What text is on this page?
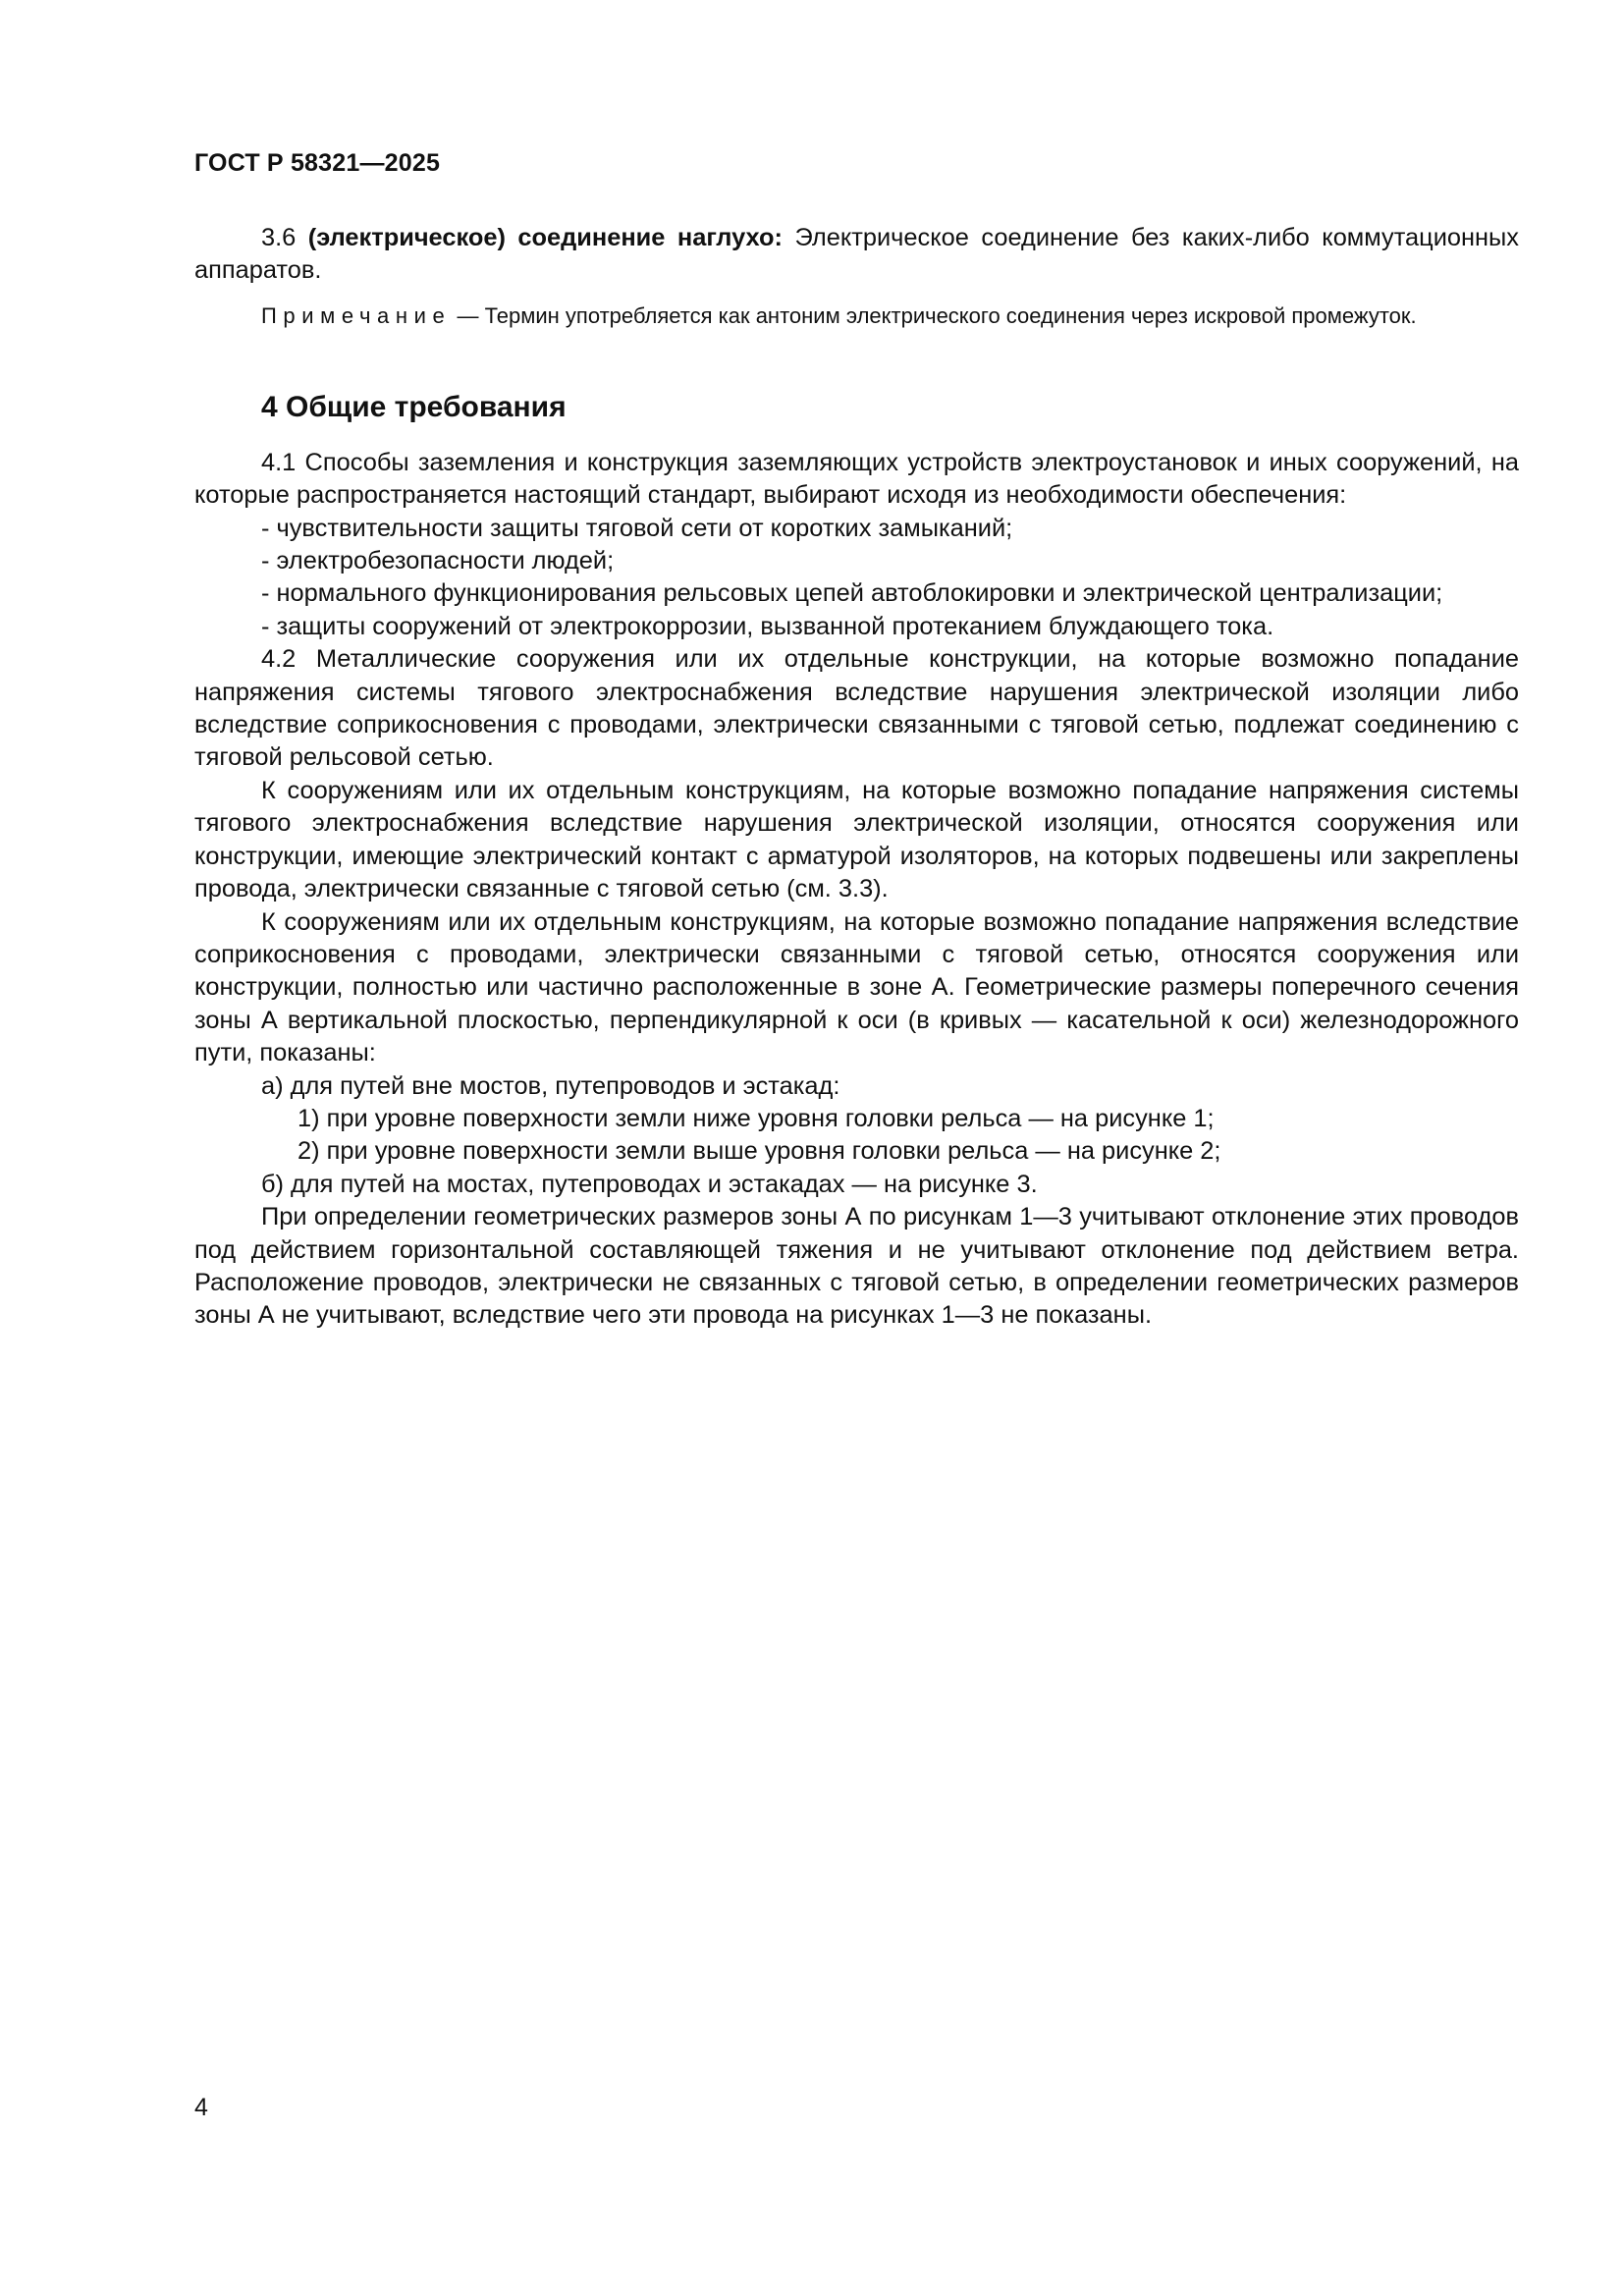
ГОСТ Р 58321—2025

3.6 (электрическое) соединение наглухо: Электрическое соединение без каких-либо коммутационных аппаратов.

Примечание — Термин употребляется как антоним электрического соединения через искровой промежуток.

4 Общие требования

4.1 Способы заземления и конструкция заземляющих устройств электроустановок и иных сооружений, на которые распространяется настоящий стандарт, выбирают исходя из необходимости обеспечения:

- чувствительности защиты тяговой сети от коротких замыканий;

- электробезопасности людей;

- нормального функционирования рельсовых цепей автоблокировки и электрической централизации;

- защиты сооружений от электрокоррозии, вызванной протеканием блуждающего тока.

4.2 Металлические сооружения или их отдельные конструкции, на которые возможно попадание напряжения системы тягового электроснабжения вследствие нарушения электрической изоляции либо вследствие соприкосновения с проводами, электрически связанными с тяговой сетью, подлежат соединению с тяговой рельсовой сетью.

К сооружениям или их отдельным конструкциям, на которые возможно попадание напряжения системы тягового электроснабжения вследствие нарушения электрической изоляции, относятся сооружения или конструкции, имеющие электрический контакт с арматурой изоляторов, на которых подвешены или закреплены провода, электрически связанные с тяговой сетью (см. 3.3).

К сооружениям или их отдельным конструкциям, на которые возможно попадание напряжения вследствие соприкосновения с проводами, электрически связанными с тяговой сетью, относятся сооружения или конструкции, полностью или частично расположенные в зоне А. Геометрические размеры поперечного сечения зоны А вертикальной плоскостью, перпендикулярной к оси (в кривых — касательной к оси) железнодорожного пути, показаны:

а) для путей вне мостов, путепроводов и эстакад:

1) при уровне поверхности земли ниже уровня головки рельса — на рисунке 1;

2) при уровне поверхности земли выше уровня головки рельса — на рисунке 2;

б) для путей на мостах, путепроводах и эстакадах — на рисунке 3.

При определении геометрических размеров зоны А по рисункам 1—3 учитывают отклонение этих проводов под действием горизонтальной составляющей тяжения и не учитывают отклонение под действием ветра. Расположение проводов, электрически не связанных с тяговой сетью, в определении геометрических размеров зоны А не учитывают, вследствие чего эти провода на рисунках 1—3 не показаны.

4
